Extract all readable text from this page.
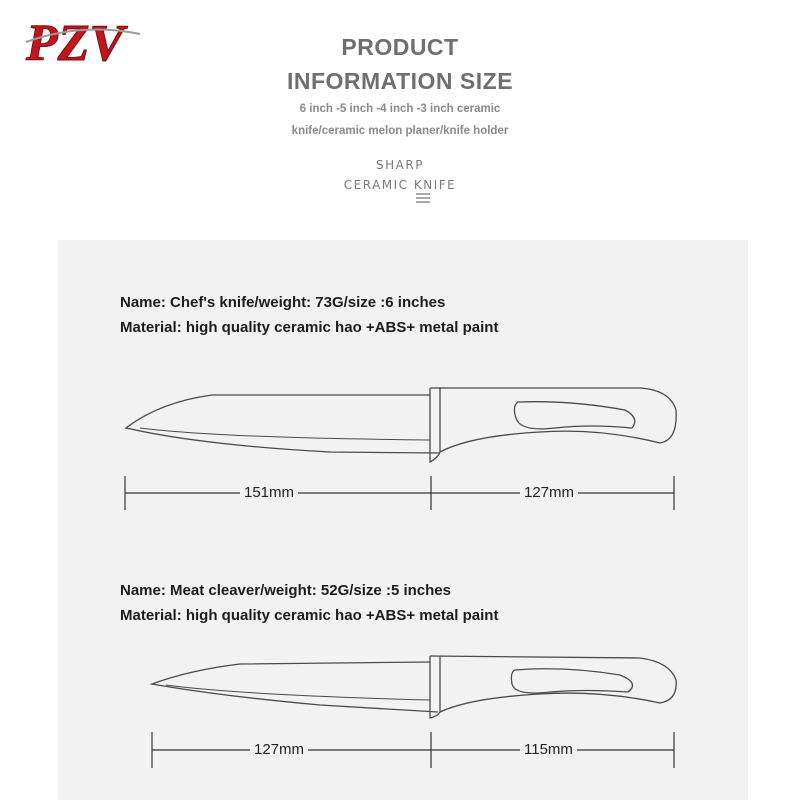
PZV	PRODUCT
INFORMATION SIZE
6 inch -5 inch -4 inch -3 inch ceramic
knife/ceramic melon planer/knife holder
SHARP
CERAMIC KNIFE
Name: Chef's knife/weight: 73G/size :6 inches
Material: high quality ceramic hao +ABS+ metal paint
Name: Meat cleaver/weight: 52G/size :5 inches
Material: high quality ceramic hao +ABS+ metal paint
151mm	127mm
127mm	115mm
